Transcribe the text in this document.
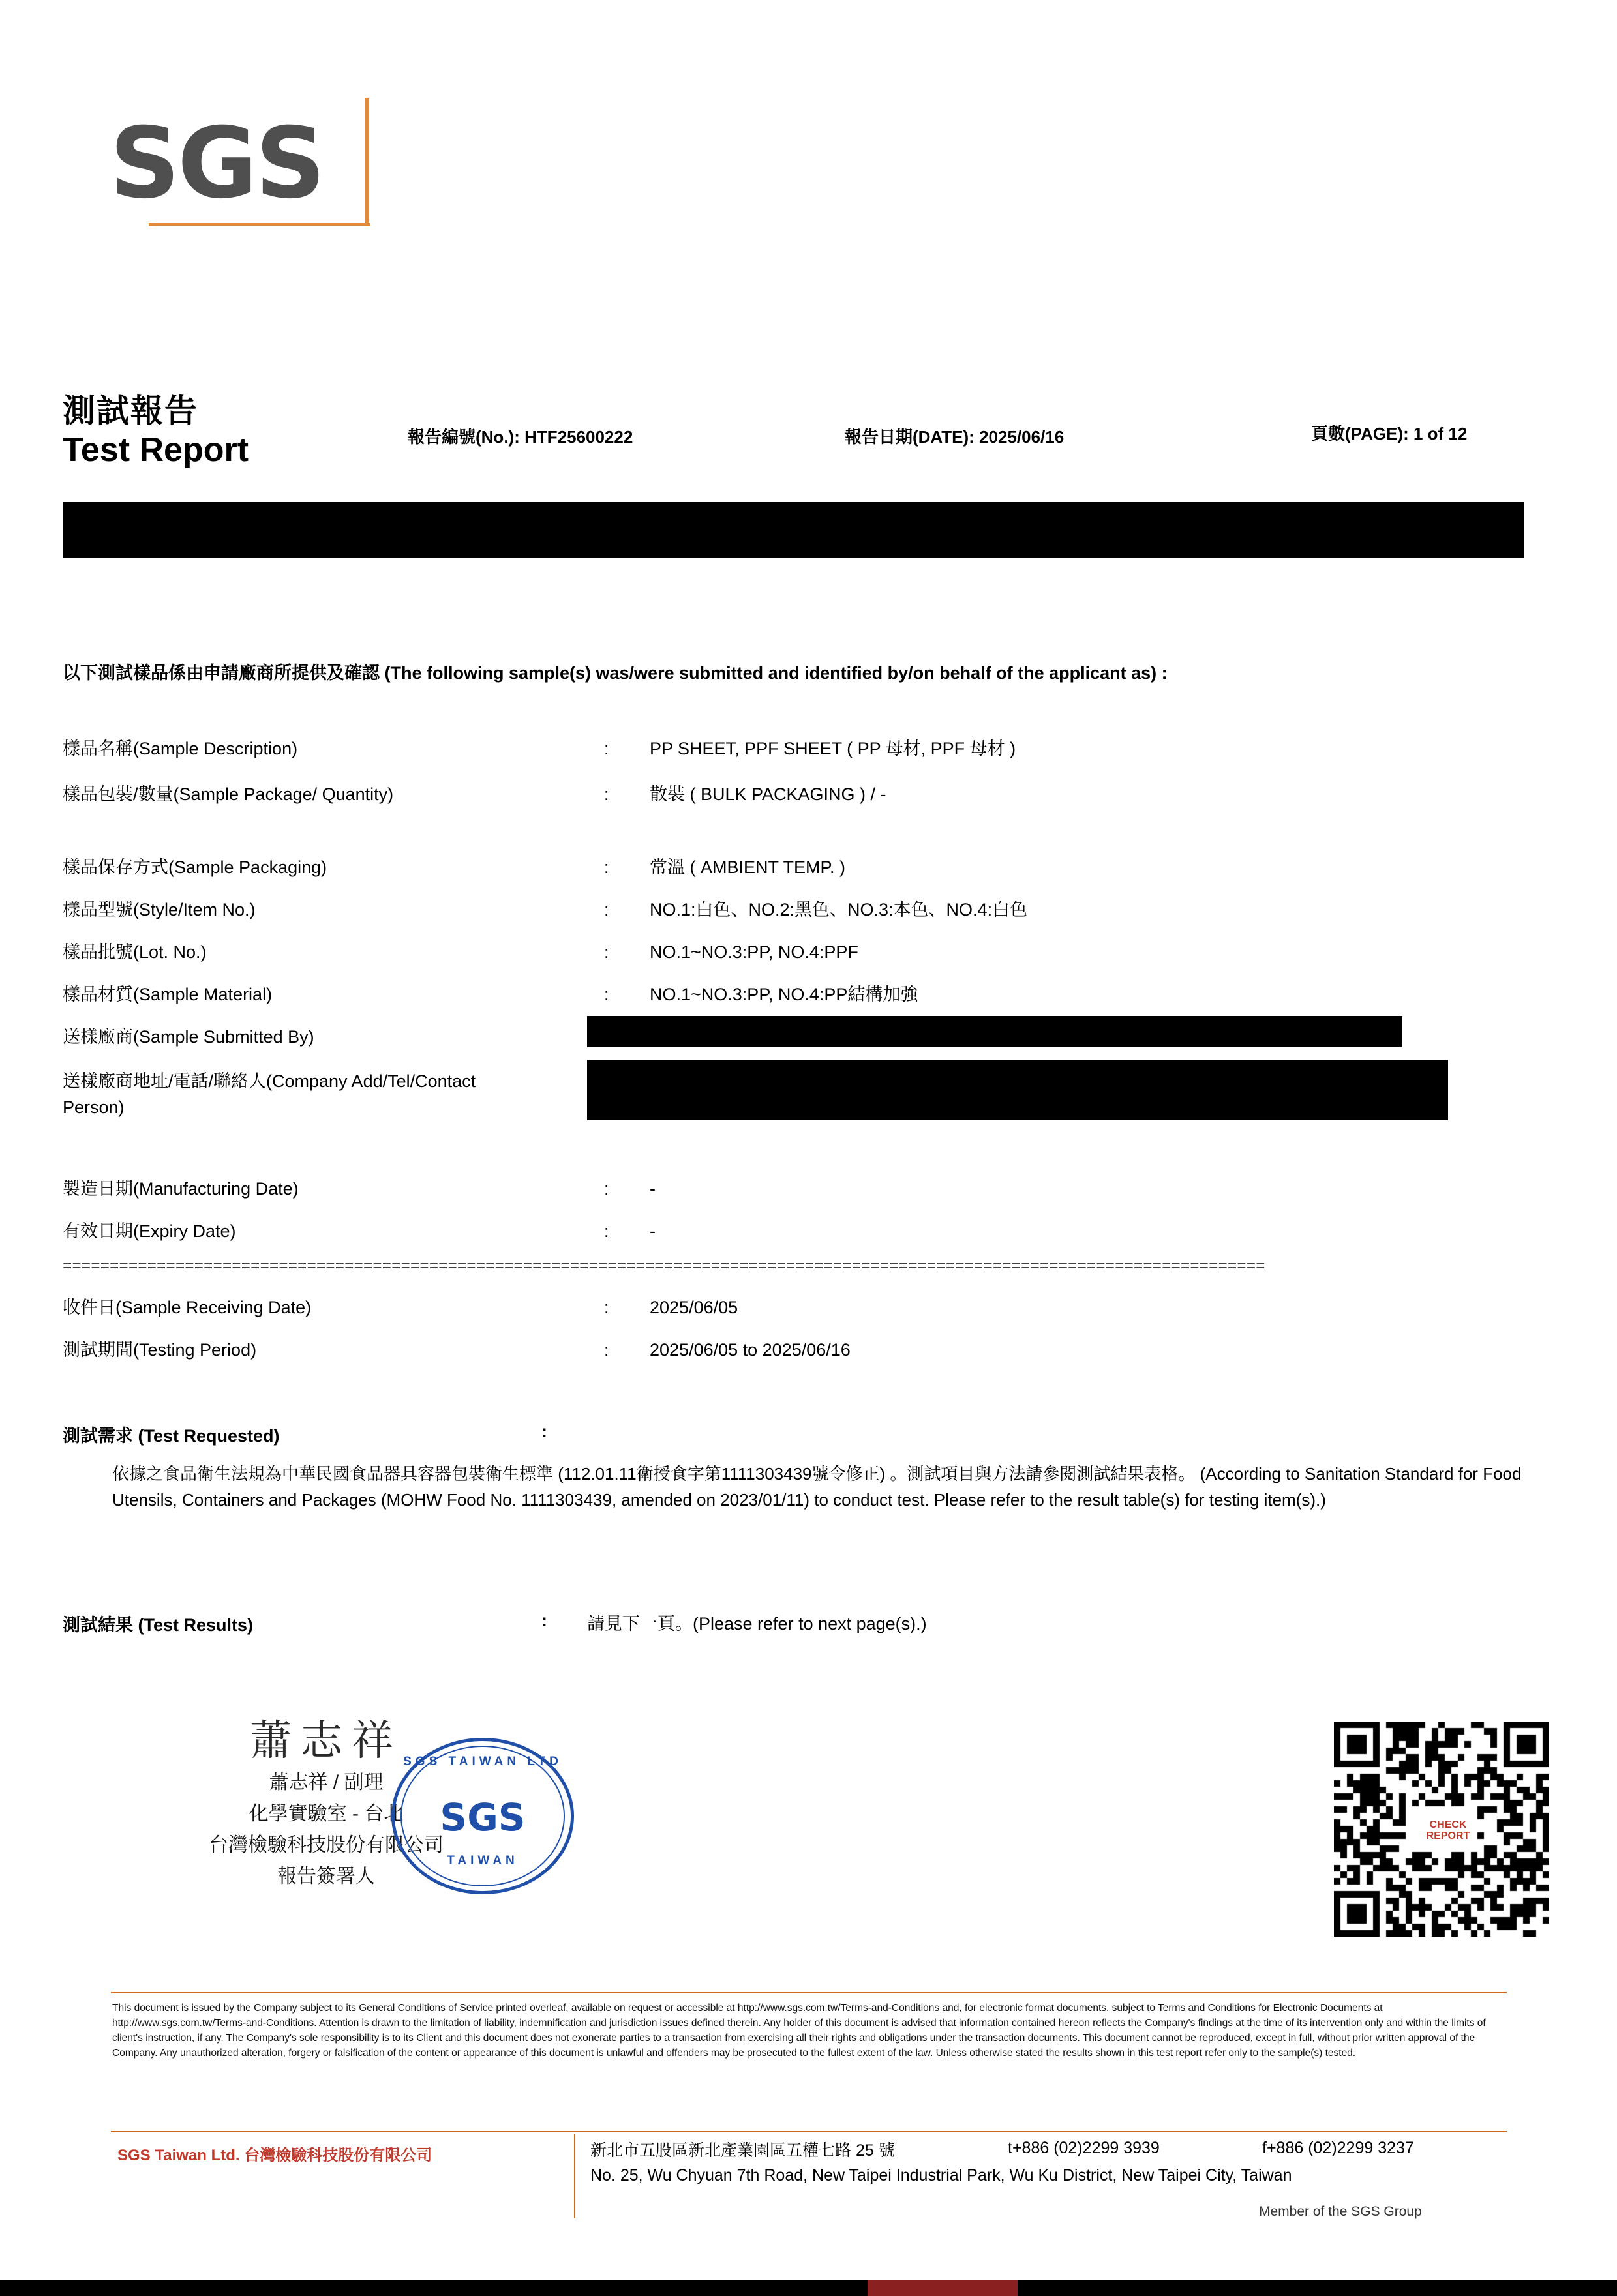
SGS
測試報告
Test Report	報告編號(No.): HTF25600222	報告日期(DATE): 2025/06/16	頁數(PAGE): 1 of 12
以下測試樣品係由申請廠商所提供及確認 (The following sample(s) was/were submitted and identified by/on behalf of the applicant as) :
樣品名稱(Sample Description)	: PP SHEET, PPF SHEET ( PP 母材, PPF 母材 )
樣品包裝/數量(Sample Package/ Quantity)	: 散裝 ( BULK PACKAGING ) / -
樣品保存方式(Sample Packaging)	: 常溫 ( AMBIENT TEMP. )
樣品型號(Style/Item No.)	: NO.1:白色、NO.2:黑色、NO.3:本色、NO.4:白色
樣品批號(Lot. No.)	: NO.1~NO.3:PP, NO.4:PPF
樣品材質(Sample Material)	: NO.1~NO.3:PP, NO.4:PP結構加強
送樣廠商(Sample Submitted By)
送樣廠商地址/電話/聯絡人(Company Add/Tel/Contact Person)
製造日期(Manufacturing Date)	: -
有效日期(Expiry Date)	: -
================================================================================================================================
收件日(Sample Receiving Date)	: 2025/06/05
測試期間(Testing Period)	: 2025/06/05 to 2025/06/16
測試需求 (Test Requested)	:
依據之食品衛生法規為中華民國食品器具容器包裝衛生標準 (112.01.11衛授食字第1111303439號令修正) 。測試項目與方法請參閱測試結果表格。 (According to Sanitation Standard for Food Utensils, Containers and Packages (MOHW Food No. 1111303439, amended on 2023/01/11) to conduct test. Please refer to the result table(s) for testing item(s).)
測試結果 (Test Results)	: 請見下一頁。(Please refer to next page(s).)
蕭志祥
蕭志祥 / 副理
化學實驗室 - 台北
台灣檢驗科技股份有限公司
報告簽署人
SGS TAIWAN LTD
SGS
TAIWAN
CHECK
REPORT
This document is issued by the Company subject to its General Conditions of Service printed overleaf, available on request or accessible at http://www.sgs.com.tw/Terms-and-Conditions and, for electronic format documents, subject to Terms and Conditions for Electronic Documents at http://www.sgs.com.tw/Terms-and-Conditions. Attention is drawn to the limitation of liability, indemnification and jurisdiction issues defined therein. Any holder of this document is advised that information contained hereon reflects the Company's findings at the time of its intervention only and within the limits of client's instruction, if any. The Company's sole responsibility is to its Client and this document does not exonerate parties to a transaction from exercising all their rights and obligations under the transaction documents. This document cannot be reproduced, except in full, without prior written approval of the Company. Any unauthorized alteration, forgery or falsification of the content or appearance of this document is unlawful and offenders may be prosecuted to the fullest extent of the law. Unless otherwise stated the results shown in this test report refer only to the sample(s) tested.
SGS Taiwan Ltd. 台灣檢驗科技股份有限公司	新北市五股區新北產業園區五權七路 25 號	t+886 (02)2299 3939	f+886 (02)2299 3237
No. 25, Wu Chyuan 7th Road, New Taipei Industrial Park, Wu Ku District, New Taipei City, Taiwan
Member of the SGS Group
